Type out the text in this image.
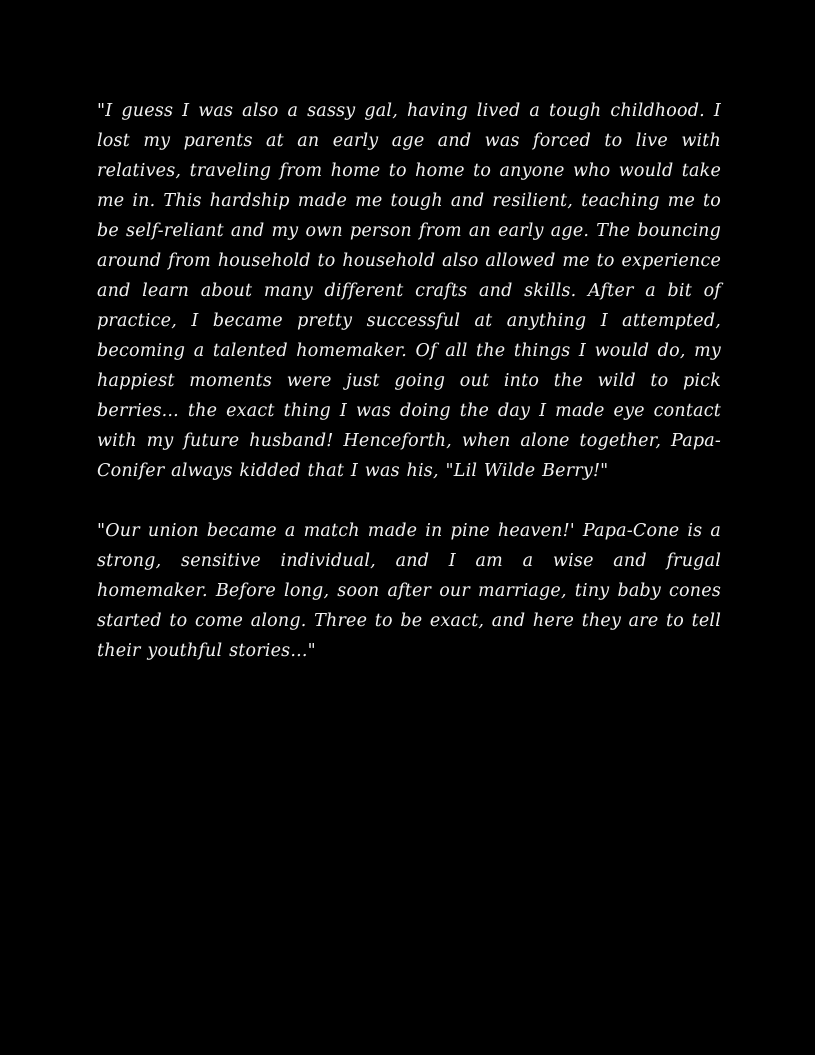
"I guess I was also a sassy gal, having lived a tough childhood. I lost my parents at an early age and was forced to live with relatives, traveling from home to home to anyone who would take me in. This hardship made me tough and resilient, teaching me to be self-reliant and my own person from an early age. The bouncing around from household to household also allowed me to experience and learn about many different crafts and skills. After a bit of practice, I became pretty successful at anything I attempted, becoming a talented homemaker. Of all the things I would do, my happiest moments were just going out into the wild to pick berries... the exact thing I was doing the day I made eye contact with my future husband! Henceforth, when alone together, Papa-Conifer always kidded that I was his, "Lil Wilde Berry!"

"Our union became a match made in pine heaven!' Papa-Cone is a strong, sensitive individual, and I am a wise and frugal homemaker. Before long, soon after our marriage, tiny baby cones started to come along. Three to be exact, and here they are to tell their youthful stories..."
